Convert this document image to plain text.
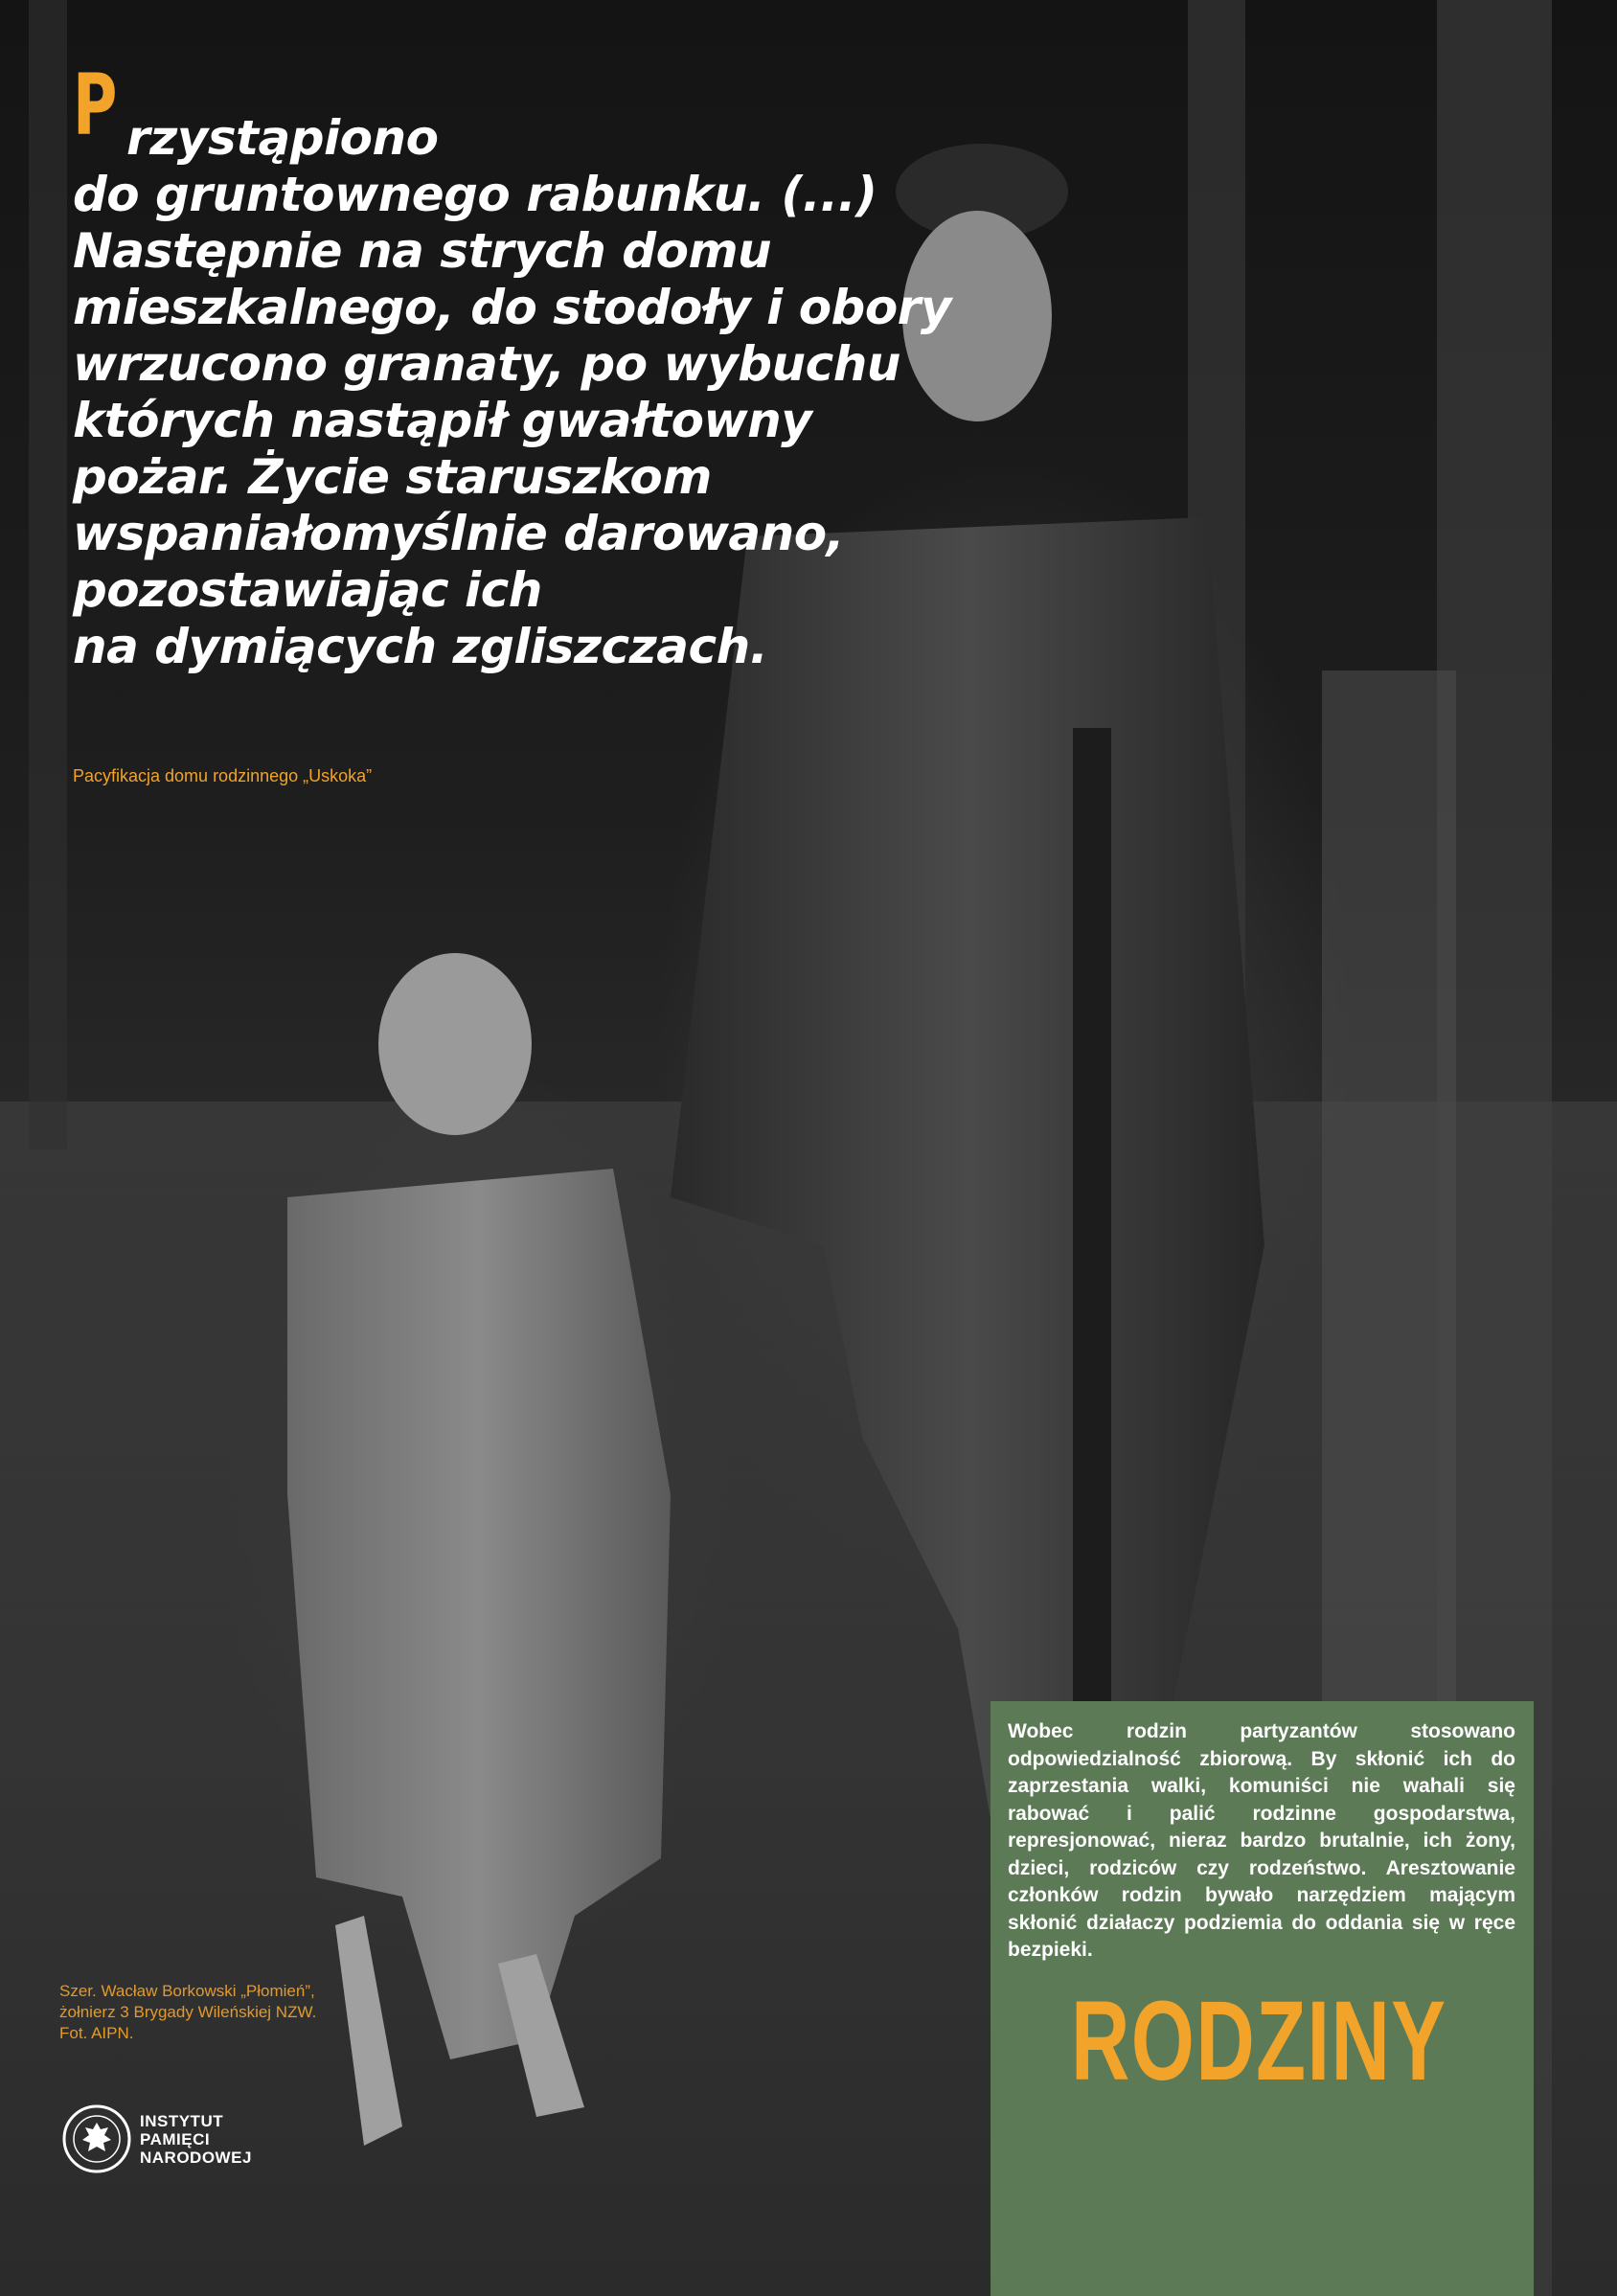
P rzystąpiono
do gruntownego rabunku. (...)
Następnie na strych domu
mieszkalnego, do stodoły i obory
wrzucono granaty, po wybuchu
których nastąpił gwałtowny
pożar. Życie staruszkom
wspaniałomyślnie darowano,
pozostawiając ich
na dymiących zgliszczach.
Pacyfikacja domu rodzinnego „Uskoka”
Szer. Wacław Borkowski „Płomień”,
żołnierz 3 Brygady Wileńskiej NZW.
Fot. AIPN.
INSTYTUT
PAMIĘCI
NARODOWEJ
Wobec rodzin partyzantów stosowano odpowiedzialność zbiorową. By skłonić ich do zaprzestania walki, komuniści nie wahali się rabować i palić rodzinne gospodarstwa, represjonować, nieraz bardzo brutalnie, ich żony, dzieci, rodziców czy rodzeństwo. Aresztowanie członków rodzin bywało narzędziem mającym skłonić działaczy podziemia do oddania się w ręce bezpieki.
RODZINY
